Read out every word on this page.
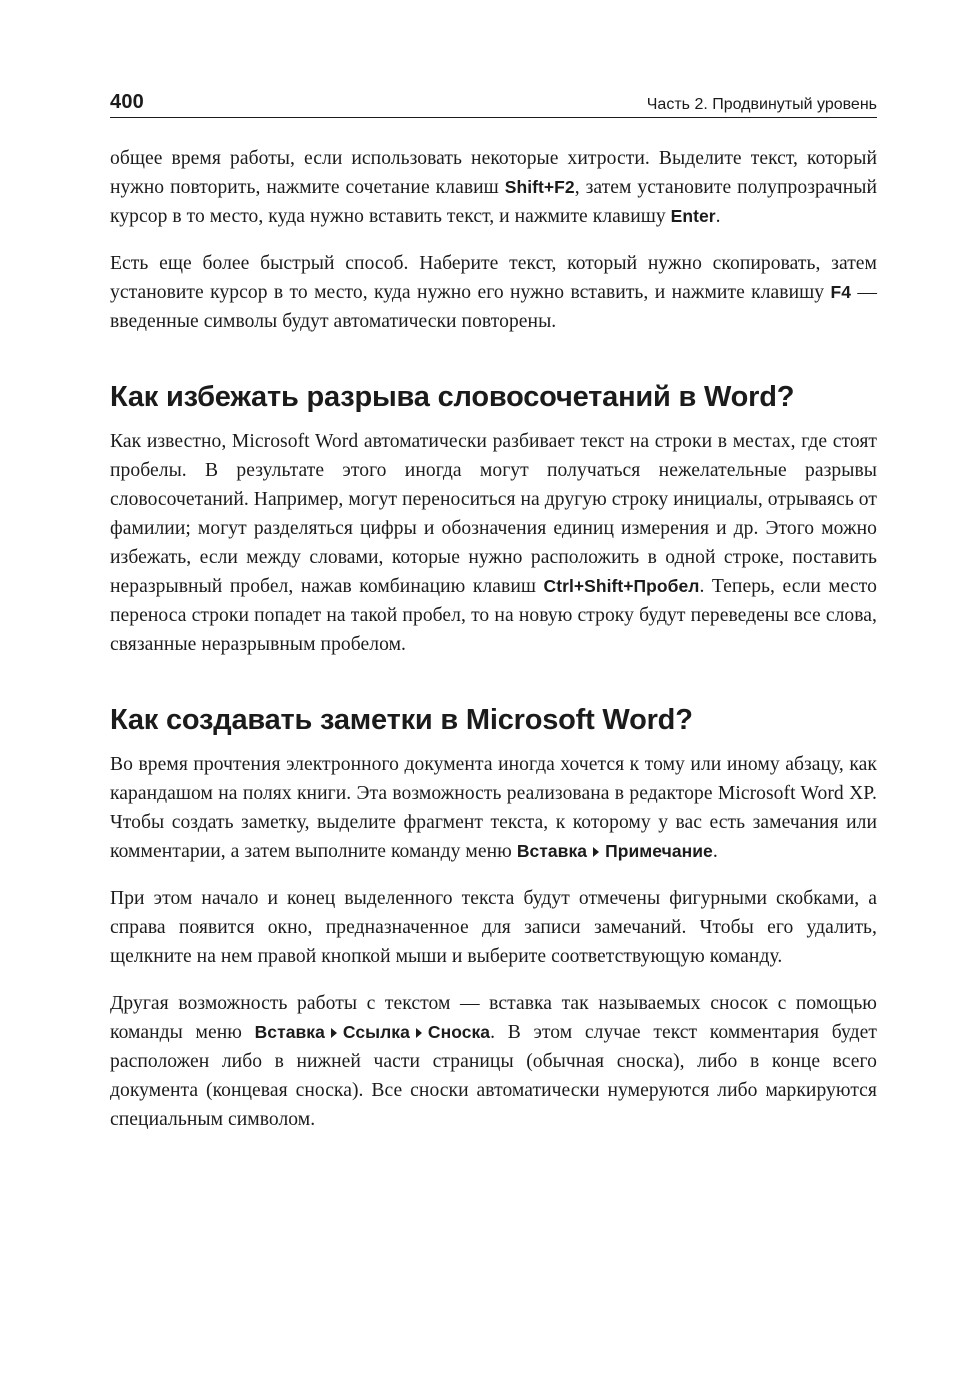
400	Часть 2. Продвинутый уровень

общее время работы, если использовать некоторые хитрости. Выделите текст, который нужно повторить, нажмите сочетание клавиш Shift+F2, затем установите полупрозрачный курсор в то место, куда нужно вставить текст, и нажмите клавишу Enter.

Есть еще более быстрый способ. Наберите текст, который нужно скопировать, затем установите курсор в то место, куда нужно его нужно вставить, и нажмите клавишу F4 — введенные символы будут автоматически повторены.

Как избежать разрыва словосочетаний в Word?

Как известно, Microsoft Word автоматически разбивает текст на строки в местах, где стоят пробелы. В результате этого иногда могут получаться нежелательные разрывы словосочетаний. Например, могут переноситься на другую строку инициалы, отрываясь от фамилии; могут разделяться цифры и обозначения единиц измерения и др. Этого можно избежать, если между словами, которые нужно расположить в одной строке, поставить неразрывный пробел, нажав комбинацию клавиш Ctrl+Shift+Пробел. Теперь, если место переноса строки попадет на такой пробел, то на новую строку будут переведены все слова, связанные неразрывным пробелом.

Как создавать заметки в Microsoft Word?

Во время прочтения электронного документа иногда хочется к тому или иному абзацу, как карандашом на полях книги. Эта возможность реализована в редакторе Microsoft Word XP. Чтобы создать заметку, выделите фрагмент текста, к которому у вас есть замечания или комментарии, а затем выполните команду меню Вставка Примечание.

При этом начало и конец выделенного текста будут отмечены фигурными скобками, а справа появится окно, предназначенное для записи замечаний. Чтобы его удалить, щелкните на нем правой кнопкой мыши и выберите соответствующую команду.

Другая возможность работы с текстом — вставка так называемых сносок с помощью команды меню Вставка Ссылка Сноска. В этом случае текст комментария будет расположен либо в нижней части страницы (обычная сноска), либо в конце всего документа (концевая сноска). Все сноски автоматически нумеруются либо маркируются специальным символом.
